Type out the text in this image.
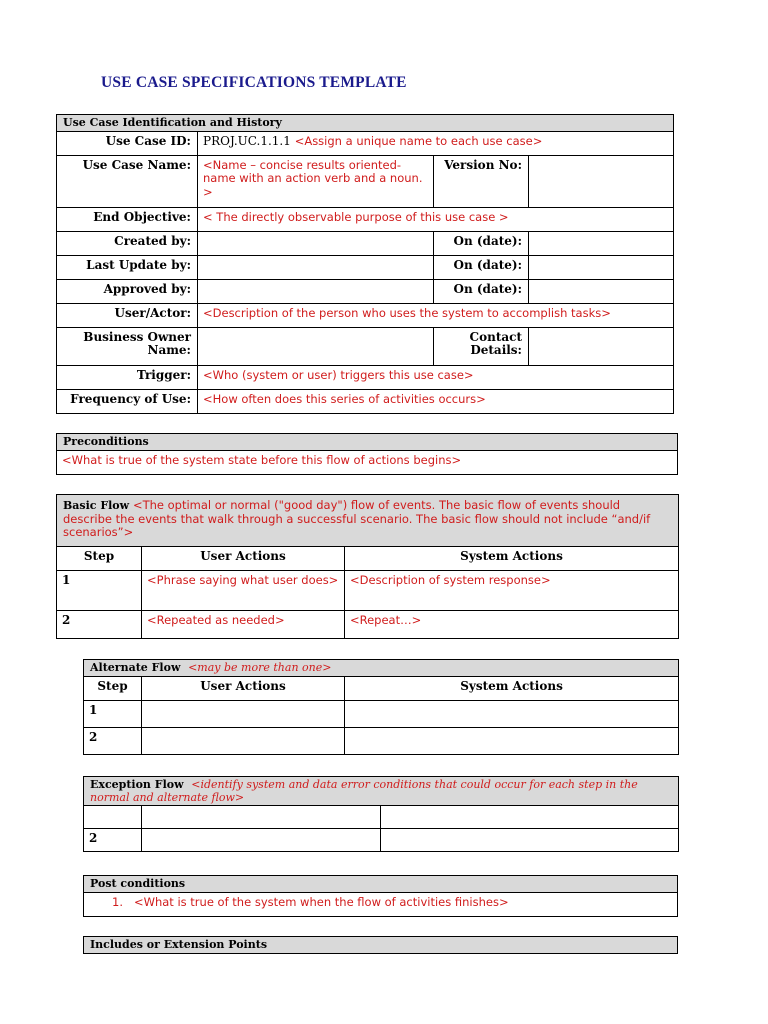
USE CASE SPECIFICATIONS TEMPLATE
Use Case Identification and History			
Use Case ID:	PROJ.UC.1.1.1 <Assign a unique name to each use case>		
Use Case Name:	<Name – concise results oriented-name with an action verb and a noun. >	Version No:	
End Objective:	< The directly observable purpose of this use case >		
Created by:		On (date):	
Last Update by:		On (date):	
Approved by:		On (date):	
User/Actor:	<Description of the person who uses the system to accomplish tasks>		
Business Owner Name:		Contact Details:	
Trigger:	<Who (system or user) triggers this use case>		
Frequency of Use:	<How often does this series of activities occurs>		
Preconditions
<What is true of the system state before this flow of actions begins>
Basic Flow <The optimal or normal ("good day") flow of events. The basic flow of events should describe the events that walk through a successful scenario. The basic flow should not include “and/if scenarios”>		
Step	User Actions	System Actions
1	<Phrase saying what user does>	<Description of system response>
2	<Repeated as needed>	<Repeat…>
Alternate Flow <may be more than one>		
Step	User Actions	System Actions
1		
2		
Exception Flow <identify system and data error conditions that could occur for each step in the normal and alternate flow>		

2		
Post conditions
1. <What is true of the system when the flow of activities finishes>
Includes or Extension Points
